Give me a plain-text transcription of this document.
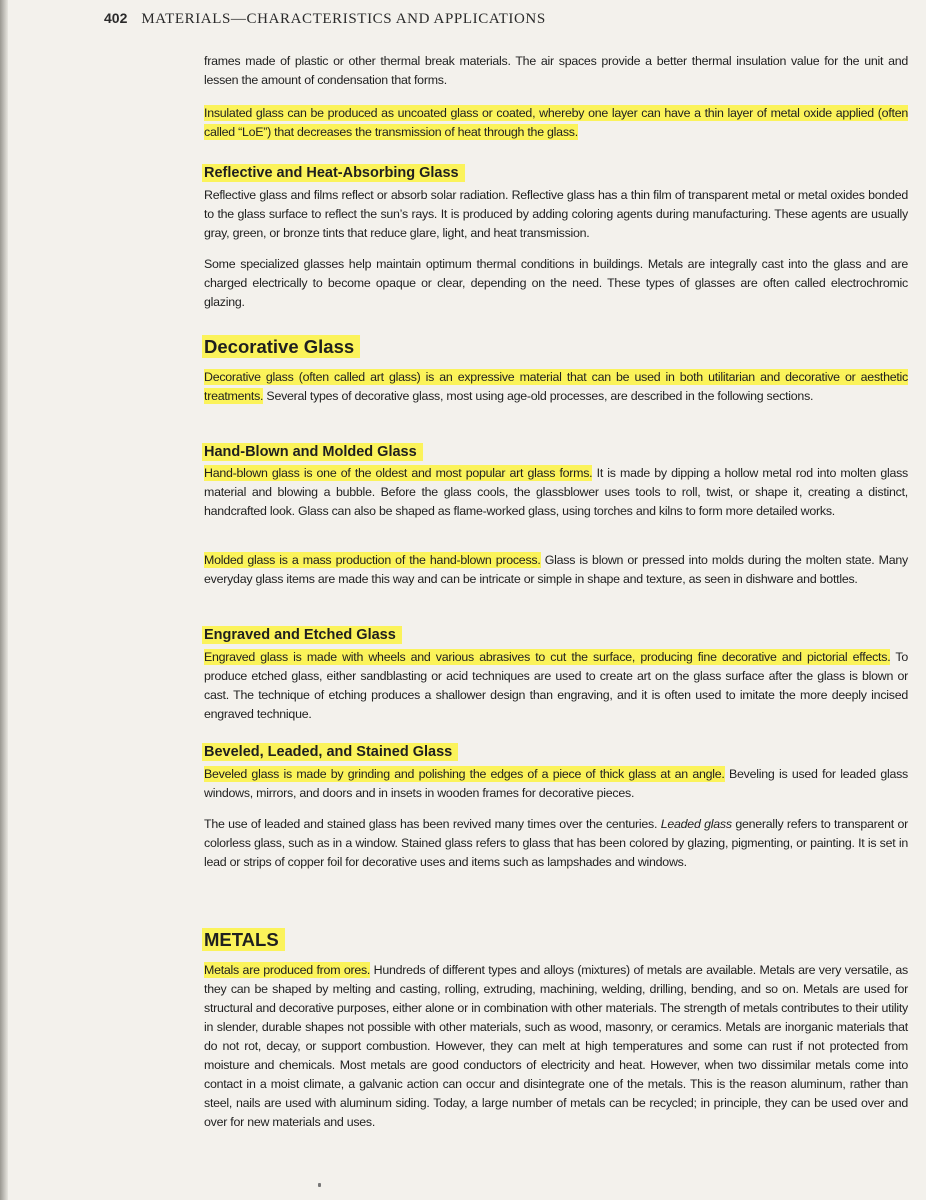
402 MATERIALS—CHARACTERISTICS AND APPLICATIONS
frames made of plastic or other thermal break materials. The air spaces provide a better thermal insulation value for the unit and lessen the amount of condensation that forms.
Insulated glass can be produced as uncoated glass or coated, whereby one layer can have a thin layer of metal oxide applied (often called “LoE”) that decreases the transmission of heat through the glass.
Reflective and Heat-Absorbing Glass
Reflective glass and films reflect or absorb solar radiation. Reflective glass has a thin film of transparent metal or metal oxides bonded to the glass surface to reflect the sun’s rays. It is produced by adding coloring agents during manufacturing. These agents are usually gray, green, or bronze tints that reduce glare, light, and heat transmission.
Some specialized glasses help maintain optimum thermal conditions in buildings. Metals are integrally cast into the glass and are charged electrically to become opaque or clear, depending on the need. These types of glasses are often called electrochromic glazing.
Decorative Glass
Decorative glass (often called art glass) is an expressive material that can be used in both utilitarian and decorative or aesthetic treatments. Several types of decorative glass, most using age-old processes, are described in the following sections.
Hand-Blown and Molded Glass
Hand-blown glass is one of the oldest and most popular art glass forms. It is made by dipping a hollow metal rod into molten glass material and blowing a bubble. Before the glass cools, the glassblower uses tools to roll, twist, or shape it, creating a distinct, handcrafted look. Glass can also be shaped as flame-worked glass, using torches and kilns to form more detailed works.
Molded glass is a mass production of the hand-blown process. Glass is blown or pressed into molds during the molten state. Many everyday glass items are made this way and can be intricate or simple in shape and texture, as seen in dishware and bottles.
Engraved and Etched Glass
Engraved glass is made with wheels and various abrasives to cut the surface, producing fine decorative and pictorial effects. To produce etched glass, either sandblasting or acid techniques are used to create art on the glass surface after the glass is blown or cast. The technique of etching produces a shallower design than engraving, and it is often used to imitate the more deeply incised engraved technique.
Beveled, Leaded, and Stained Glass
Beveled glass is made by grinding and polishing the edges of a piece of thick glass at an angle. Beveling is used for leaded glass windows, mirrors, and doors and in insets in wooden frames for decorative pieces.
The use of leaded and stained glass has been revived many times over the centuries. Leaded glass generally refers to transparent or colorless glass, such as in a window. Stained glass refers to glass that has been colored by glazing, pigmenting, or painting. It is set in lead or strips of copper foil for decorative uses and items such as lampshades and windows.
METALS
Metals are produced from ores. Hundreds of different types and alloys (mixtures) of metals are available. Metals are very versatile, as they can be shaped by melting and casting, rolling, extruding, machining, welding, drilling, bending, and so on. Metals are used for structural and decorative purposes, either alone or in combination with other materials. The strength of metals contributes to their utility in slender, durable shapes not possible with other materials, such as wood, masonry, or ceramics. Metals are inorganic materials that do not rot, decay, or support combustion. However, they can melt at high temperatures and some can rust if not protected from moisture and chemicals. Most metals are good conductors of electricity and heat. However, when two dissimilar metals come into contact in a moist climate, a galvanic action can occur and disintegrate one of the metals. This is the reason aluminum, rather than steel, nails are used with aluminum siding. Today, a large number of metals can be recycled; in principle, they can be used over and over for new materials and uses.
